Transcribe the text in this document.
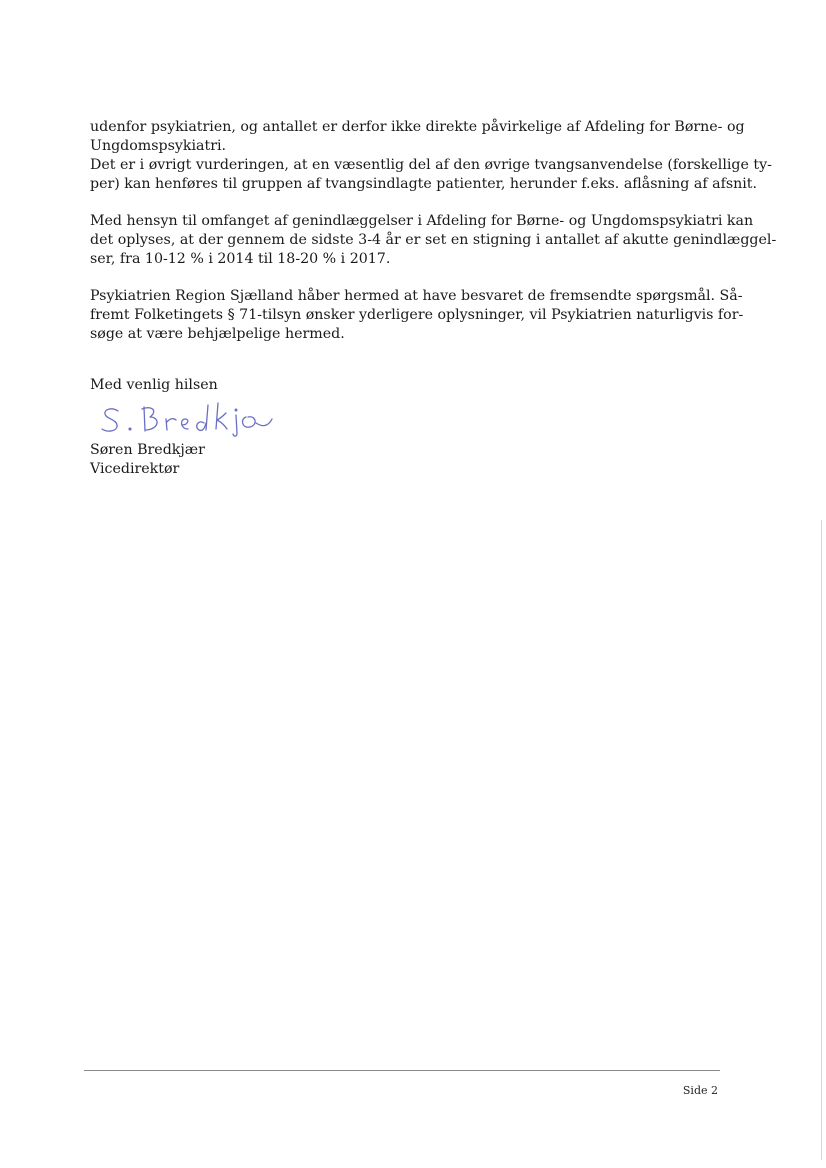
udenfor psykiatrien, og antallet er derfor ikke direkte påvirkelige af Afdeling for Børne- og
Ungdomspsykiatri.
Det er i øvrigt vurderingen, at en væsentlig del af den øvrige tvangsanvendelse (forskellige ty-
per) kan henføres til gruppen af tvangsindlagte patienter, herunder f.eks. aflåsning af afsnit.

Med hensyn til omfanget af genindlæggelser i Afdeling for Børne- og Ungdomspsykiatri kan
det oplyses, at der gennem de sidste 3-4 år er set en stigning i antallet af akutte genindlæggel-
ser, fra 10-12 % i 2014 til 18-20 % i 2017.

Psykiatrien Region Sjælland håber hermed at have besvaret de fremsendte spørgsmål. Så-
fremt Folketingets § 71-tilsyn ønsker yderligere oplysninger, vil Psykiatrien naturligvis for-
søge at være behjælpelige hermed.

Med venlig hilsen

Søren Bredkjær

Vicedirektør

Side 2
